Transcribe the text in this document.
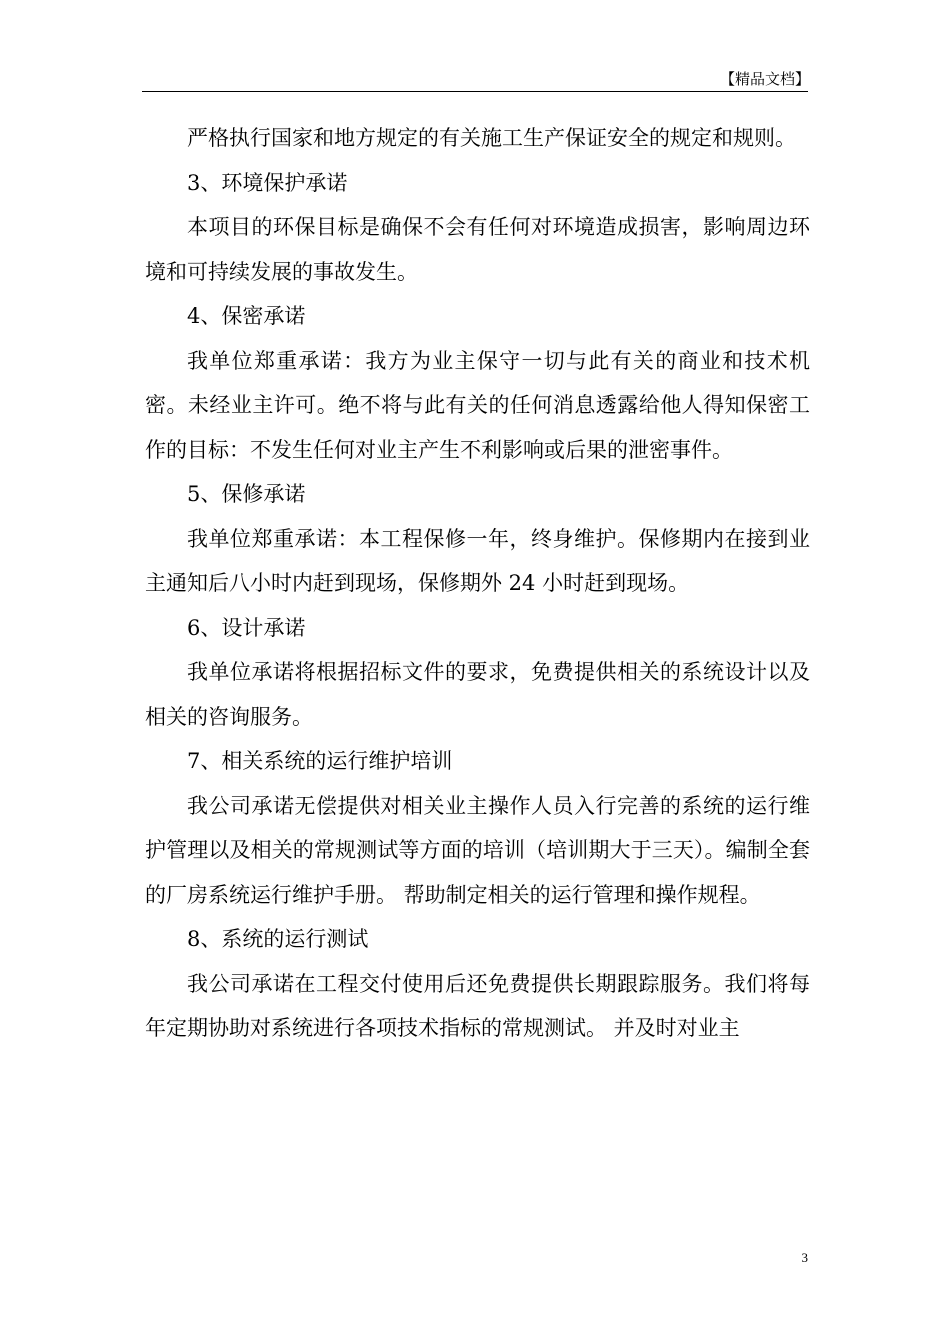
【精品文档】

严格执行国家和地方规定的有关施工生产保证安全的规定和规则。

3、环境保护承诺

本项目的环保目标是确保不会有任何对环境造成损害，影响周边环境和可持续发展的事故发生。

4、保密承诺

我单位郑重承诺：我方为业主保守一切与此有关的商业和技术机密。未经业主许可。绝不将与此有关的任何消息透露给他人得知保密工作的目标：不发生任何对业主产生不利影响或后果的泄密事件。

5、保修承诺

我单位郑重承诺：本工程保修一年，终身维护。保修期内在接到业主通知后八小时内赶到现场，保修期外 24 小时赶到现场。

6、设计承诺

我单位承诺将根据招标文件的要求，免费提供相关的系统设计以及相关的咨询服务。

7、相关系统的运行维护培训

我公司承诺无偿提供对相关业主操作人员入行完善的系统的运行维护管理以及相关的常规测试等方面的培训（培训期大于三天）。编制全套的厂房系统运行维护手册。 帮助制定相关的运行管理和操作规程。

8、系统的运行测试

我公司承诺在工程交付使用后还免费提供长期跟踪服务。我们将每年定期协助对系统进行各项技术指标的常规测试。 并及时对业主

3
